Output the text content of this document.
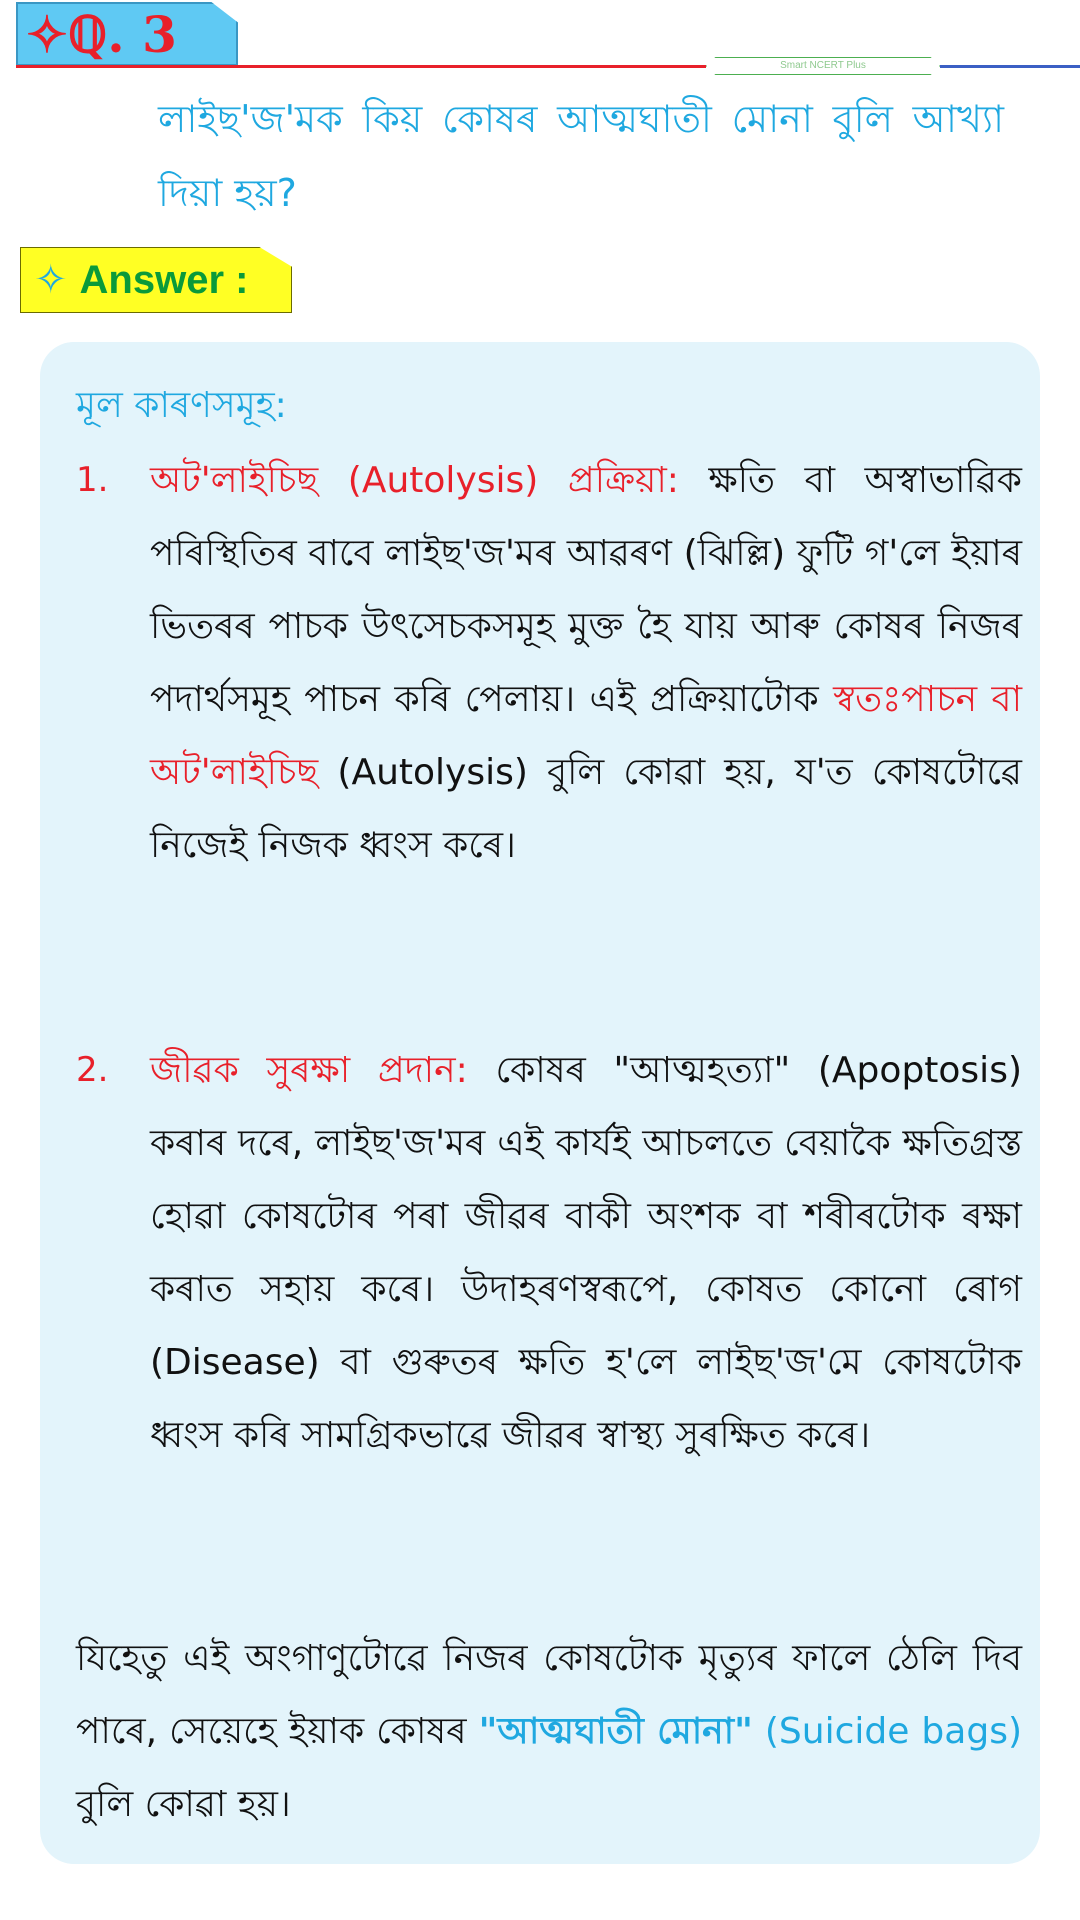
✧ℚ. 3
Smart NCERT Plus

লাইছ'জ'মক কিয় কোষৰ আত্মঘাতী মোনা বুলি আখ্যা দিয়া হয়?

✧ Answer :
মূল কাৰণসমূহ:
1. অট'লাইচিছ (Autolysis) প্ৰক্ৰিয়া: ক্ষতি বা অস্বাভাৱিক পৰিস্থিতিৰ বাবে লাইছ'জ'মৰ আৱৰণ (ঝিল্লি) ফুটি গ'লে ইয়াৰ ভিতৰৰ পাচক উৎসেচকসমূহ মুক্ত হৈ যায় আৰু কোষৰ নিজৰ পদাৰ্থসমূহ পাচন কৰি পেলায়। এই প্ৰক্ৰিয়াটোক স্বতঃপাচন বা অট'লাইচিছ (Autolysis) বুলি কোৱা হয়, য'ত কোষটোৱে নিজেই নিজক ধ্বংস কৰে।

2. জীৱক সুৰক্ষা প্ৰদান: কোষৰ "আত্মহত্যা" (Apoptosis) কৰাৰ দৰে, লাইছ'জ'মৰ এই কাৰ্যই আচলতে বেয়াকৈ ক্ষতিগ্ৰস্ত হোৱা কোষটোৰ পৰা জীৱৰ বাকী অংশক বা শৰীৰটোক ৰক্ষা কৰাত সহায় কৰে। উদাহৰণস্বৰূপে, কোষত কোনো ৰোগ (Disease) বা গুৰুতৰ ক্ষতি হ'লে লাইছ'জ'মে কোষটোক ধ্বংস কৰি সামগ্ৰিকভাৱে জীৱৰ স্বাস্থ্য সুৰক্ষিত কৰে।

যিহেতু এই অংগাণুটোৱে নিজৰ কোষটোক মৃত্যুৰ ফালে ঠেলি দিব পাৰে, সেয়েহে ইয়াক কোষৰ "আত্মঘাতী মোনা" (Suicide bags) বুলি কোৱা হয়।
